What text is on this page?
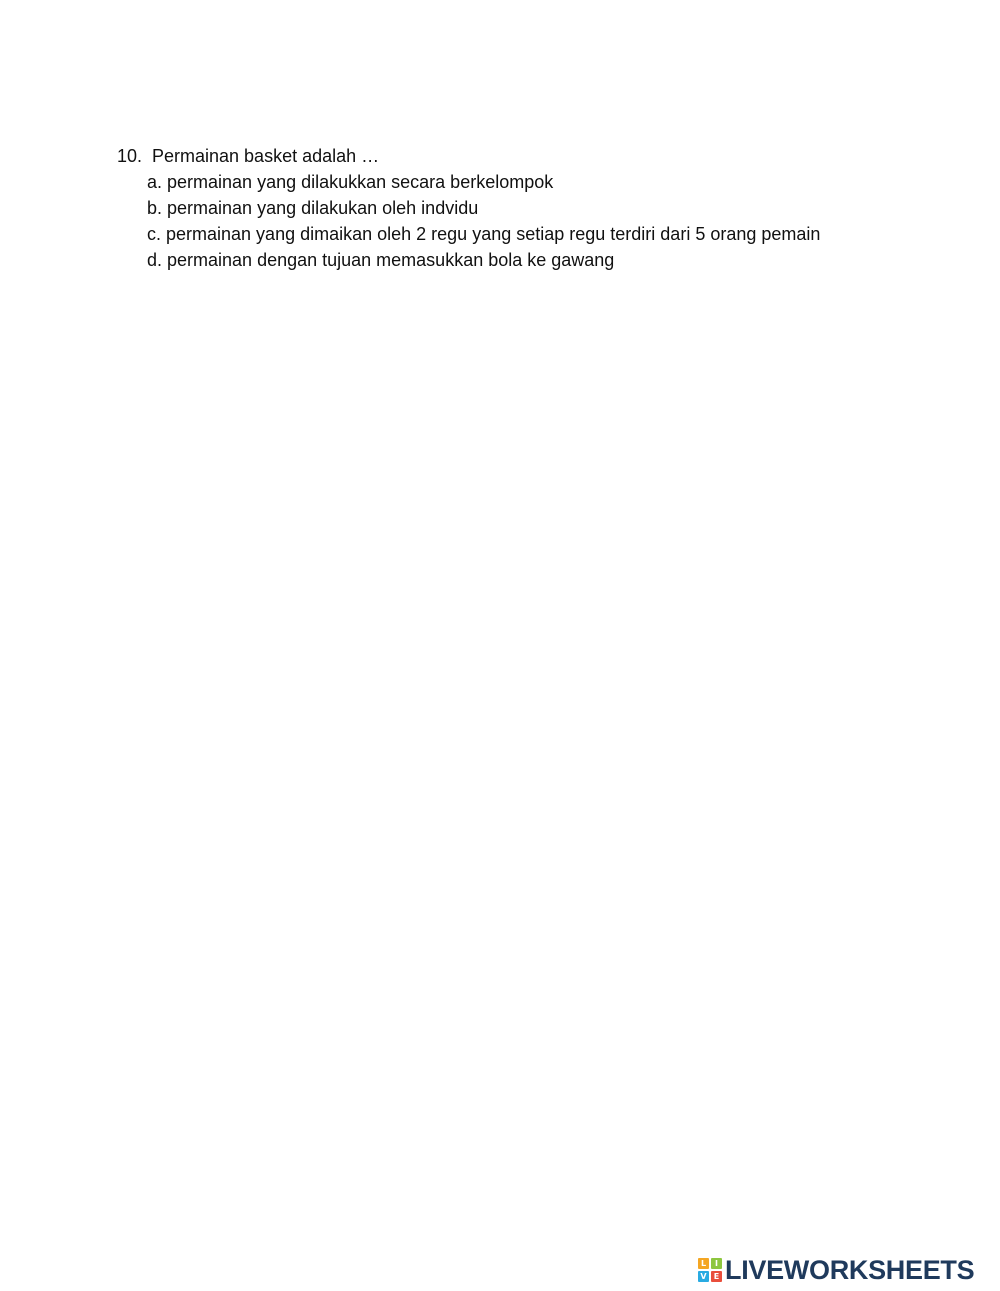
10. Permainan basket adalah …
a. permainan yang dilakukkan secara berkelompok
b. permainan yang dilakukan oleh indvidu
c. permainan yang dimaikan oleh 2 regu yang setiap regu terdiri dari 5 orang pemain
d. permainan dengan tujuan memasukkan bola ke gawang
L	I
V E LIVEWORKSHEETS
